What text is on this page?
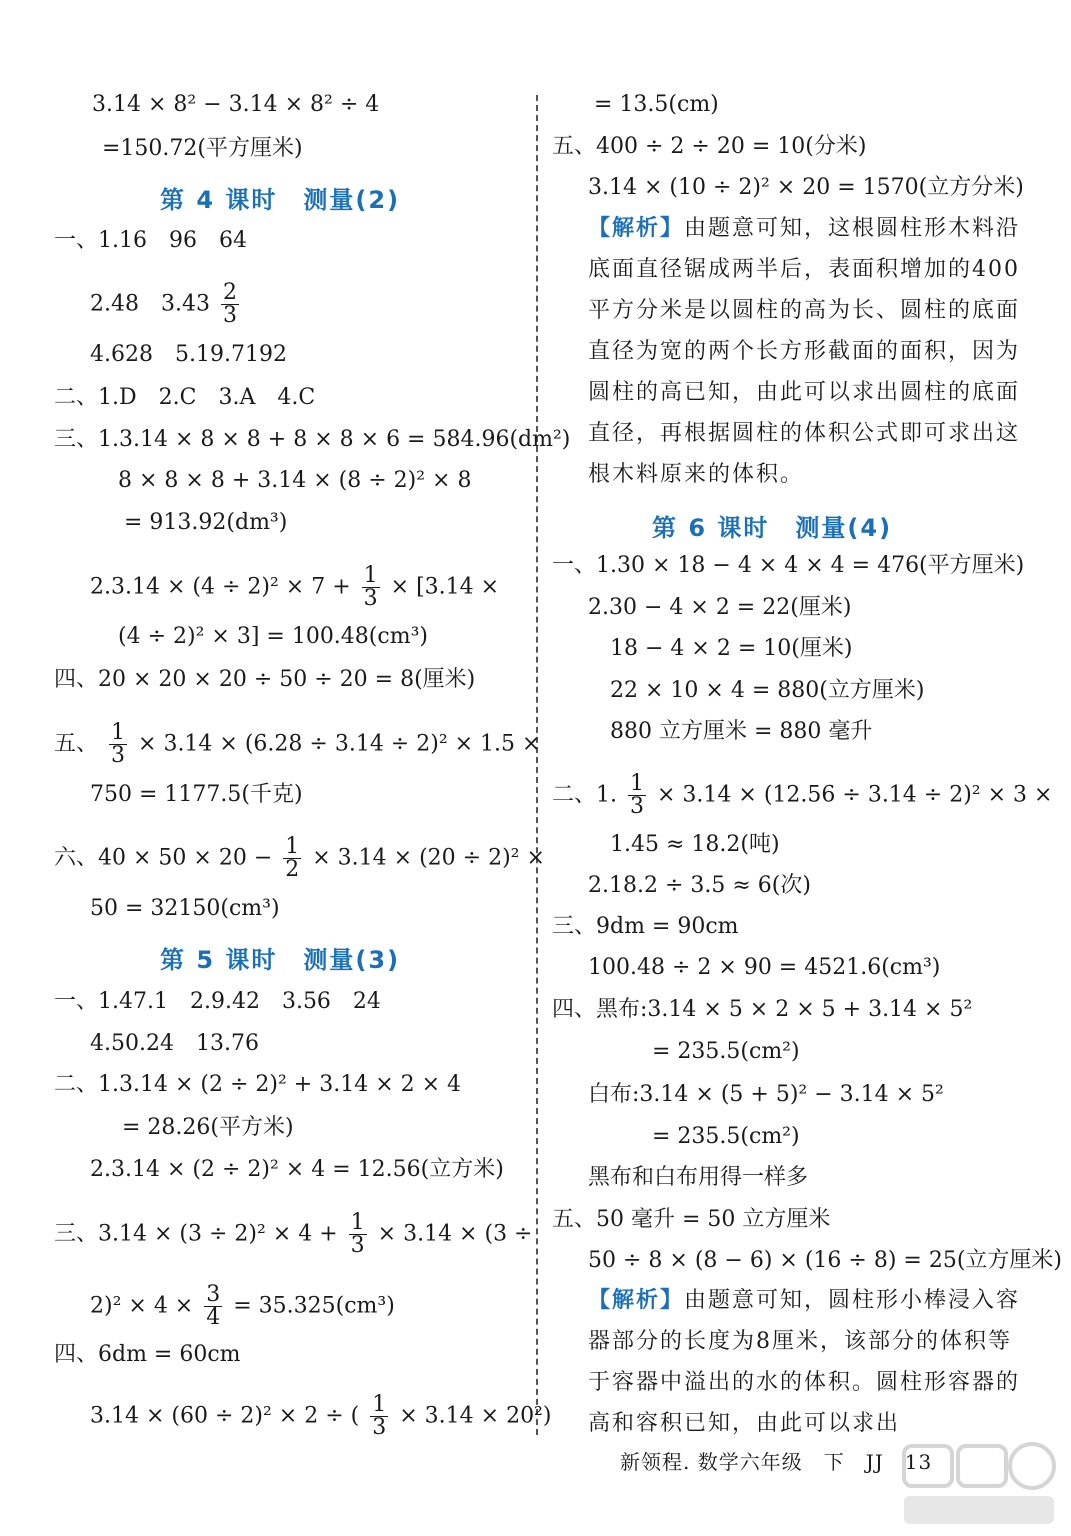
3.14 × 8² − 3.14 × 8² ÷ 4
=150.72(平方厘米)
第 4 课时　测量(2)
一、1.16　96　64
2.48　$3.43 \frac{2}{3}$
4.628　5.19.7192
二、1.D　2.C　3.A　4.C
三、1.3.14 × 8 × 8 + 8 × 8 × 6 = 584.96(dm²)
8 × 8 × 8 + 3.14 × (8 ÷ 2)² × 8
= 913.92(dm³)
$2.3.14 \times (4 \div 2)^2 \times 7 + \frac{1}{3} \times [3.14$ ×
(4 ÷ 2)² × 3] = 100.48(cm³)
四、20 × 20 × 20 ÷ 50 ÷ 20 = 8(厘米)
五、 $\frac{1}{3} \times 3.14 \times (6.28 \div 3.14 \div 2)^2 \times 1.5$ ×
750 = 1177.5(千克)
六、$40 \times 50 \times 20 - \frac{1}{2} \times 3.14 \times (20 \div 2)^2$ ×
50 = 32150(cm³)
第 5 课时　测量(3)
一、1.47.1　2.9.42　3.56　24
4.50.24　13.76
二、1.3.14 × (2 ÷ 2)² + 3.14 × 2 × 4
= 28.26(平方米)
2.3.14 × (2 ÷ 2)² × 4 = 12.56(立方米)
三、$3.14 \times (3 \div 2)^2 \times 4 + \frac{1}{3} \times 3.14 \times (3$ ÷
$2)^2 \times 4 \times \frac{3}{4} = 35.325(cm^3)$
四、6dm = 60cm
3.14 × (60 ÷ 2)² × 2 ÷ ( $\frac{1}{3} \times 3.14 \times 20^2$)
= 13.5(cm)
五、400 ÷ 2 ÷ 20 = 10(分米)
3.14 × (10 ÷ 2)² × 20 = 1570(立方分米)
【解析】由题意可知，这根圆柱形木料沿底面直径锯成两半后，表面积增加的400平方分米是以圆柱的高为长、圆柱的底面直径为宽的两个长方形截面的面积，因为圆柱的高已知，由此可以求出圆柱的底面直径，再根据圆柱的体积公式即可求出这根木料原来的体积。
第 6 课时　测量(4)
一、1.30 × 18 − 4 × 4 × 4 = 476(平方厘米)
2.30 − 4 × 2 = 22(厘米)
18 − 4 × 2 = 10(厘米)
22 × 10 × 4 = 880(立方厘米)
880 立方厘米 = 880 毫升
二、1. $\frac{1}{3} \times 3.14 \times (12.56 \div 3.14 \div 2)^2 \times 3$ ×
1.45 ≈ 18.2(吨)
2.18.2 ÷ 3.5 ≈ 6(次)
三、9dm = 90cm
100.48 ÷ 2 × 90 = 4521.6(cm³)
四、黑布:3.14 × 5 × 2 × 5 + 3.14 × 5²
= 235.5(cm²)
白布:3.14 × (5 + 5)² − 3.14 × 5²
= 235.5(cm²)
黑布和白布用得一样多
五、50 毫升 = 50 立方厘米
50 ÷ 8 × (8 − 6) × (16 ÷ 8) = 25(立方厘米)
【解析】由题意可知，圆柱形小棒浸入容器部分的长度为8厘米，该部分的体积等于容器中溢出的水的体积。圆柱形容器的高和容积已知，由此可以求出
新领程. 数学六年级　下　JJ　13
